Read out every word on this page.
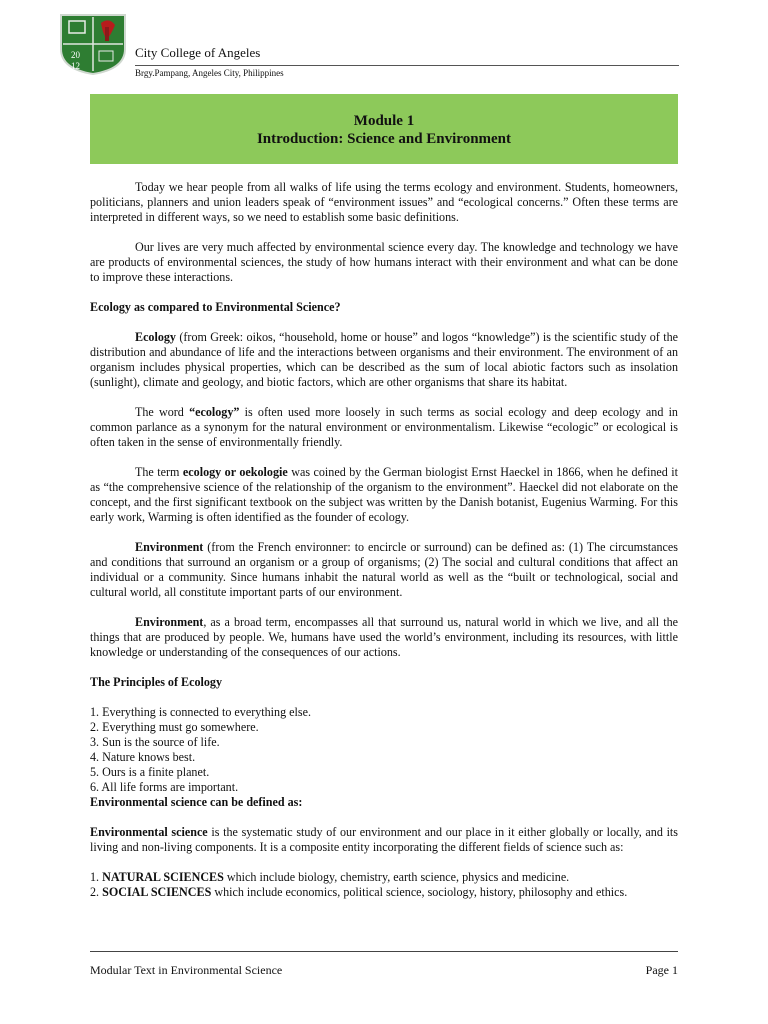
20
12
City College of Angeles
Brgy.Pampang, Angeles City, Philippines
Module 1
Introduction: Science and Environment

Today we hear people from all walks of life using the terms ecology and environment. Students, homeowners, politicians, planners and union leaders speak of “environment issues” and “ecological concerns.” Often these terms are interpreted in different ways, so we need to establish some basic definitions.

Our lives are very much affected by environmental science every day. The knowledge and technology we have are products of environmental sciences, the study of how humans interact with their environment and what can be done to improve these interactions.

Ecology as compared to Environmental Science?

Ecology (from Greek: oikos, “household, home or house” and logos “knowledge”) is the scientific study of the distribution and abundance of life and the interactions between organisms and their environment. The environment of an organism includes physical properties, which can be described as the sum of local abiotic factors such as insolation (sunlight), climate and geology, and biotic factors, which are other organisms that share its habitat.

The word “ecology” is often used more loosely in such terms as social ecology and deep ecology and in common parlance as a synonym for the natural environment or environmentalism. Likewise “ecologic” or ecological is often taken in the sense of environmentally friendly.

The term ecology or oekologie was coined by the German biologist Ernst Haeckel in 1866, when he defined it as “the comprehensive science of the relationship of the organism to the environment”. Haeckel did not elaborate on the concept, and the first significant textbook on the subject was written by the Danish botanist, Eugenius Warming. For this early work, Warming is often identified as the founder of ecology.

Environment (from the French environner: to encircle or surround) can be defined as: (1) The circumstances and conditions that surround an organism or a group of organisms; (2) The social and cultural conditions that affect an individual or a community. Since humans inhabit the natural world as well as the “built or technological, social and cultural world, all constitute important parts of our environment.

Environment, as a broad term, encompasses all that surround us, natural world in which we live, and all the things that are produced by people. We, humans have used the world’s environment, including its resources, with little knowledge or understanding of the consequences of our actions.

The Principles of Ecology

1. Everything is connected to everything else.

2. Everything must go somewhere.

3. Sun is the source of life.

4. Nature knows best.

5. Ours is a finite planet.

6. All life forms are important.

Environmental science can be defined as:

Environmental science is the systematic study of our environment and our place in it either globally or locally, and its living and non-living components. It is a composite entity incorporating the different fields of science such as:

1. NATURAL SCIENCES which include biology, chemistry, earth science, physics and medicine.

2. SOCIAL SCIENCES which include economics, political science, sociology, history, philosophy and ethics.

Modular Text in Environmental Science	Page 1
